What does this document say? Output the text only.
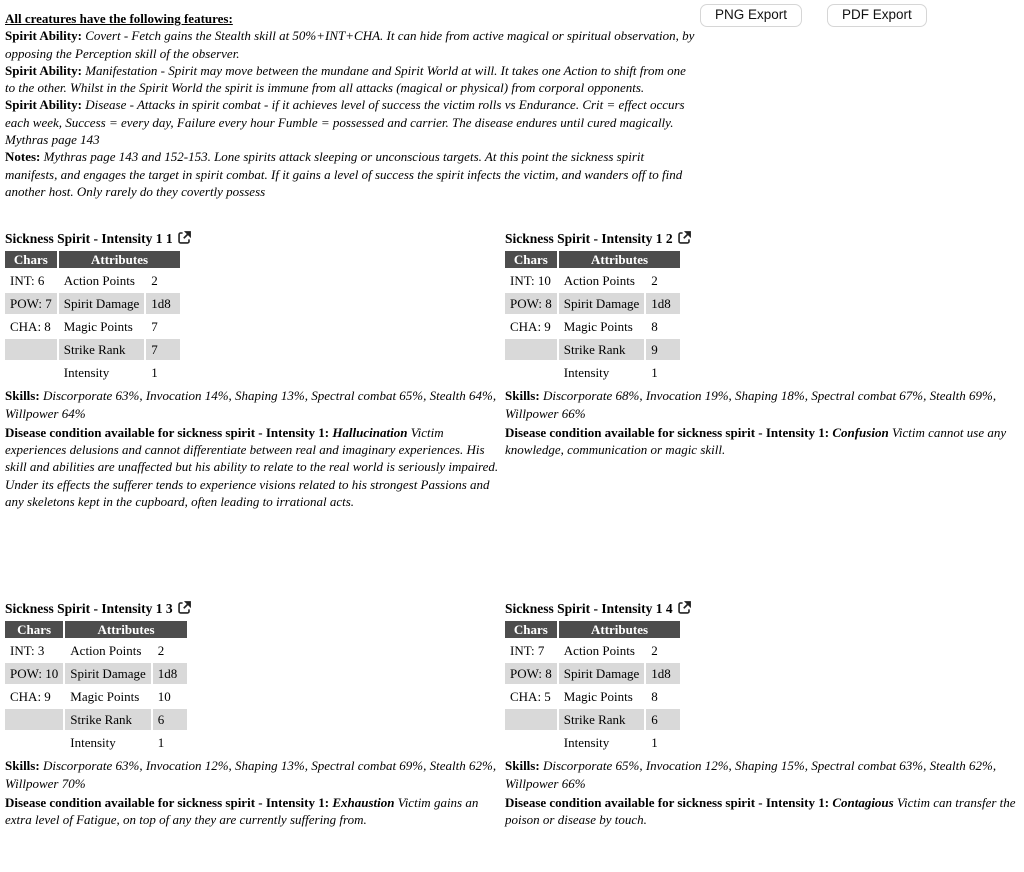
PNG Export	PDF Export

All creatures have the following features:

Spirit Ability: Covert - Fetch gains the Stealth skill at 50%+INT+CHA. It can hide from active magical or spiritual observation, by opposing the Perception skill of the observer.

Spirit Ability: Manifestation - Spirit may move between the mundane and Spirit World at will. It takes one Action to shift from one to the other. Whilst in the Spirit World the spirit is immune from all attacks (magical or physical) from corporal opponents.

Spirit Ability: Disease - Attacks in spirit combat - if it achieves level of success the victim rolls vs Endurance. Crit = effect occurs each week, Success = every day, Failure every hour Fumble = possessed and carrier. The disease endures until cured magically. Mythras page 143

Notes: Mythras page 143 and 152-153. Lone spirits attack sleeping or unconscious targets. At this point the sickness spirit manifests, and engages the target in spirit combat. If it gains a level of success the spirit infects the victim, and wanders off to find another host. Only rarely do they covertly possess

Sickness Spirit - Intensity 1 1
Chars	Attributes	
INT: 6	Action Points	2
POW: 7	Spirit Damage	1d8
CHA: 8	Magic Points	7
	Strike Rank	7
	Intensity	1

Skills: Discorporate 63%, Invocation 14%, Shaping 13%, Spectral combat 65%, Stealth 64%, Willpower 64%

Disease condition available for sickness spirit - Intensity 1: Hallucination Victim experiences delusions and cannot differentiate between real and imaginary experiences. His skill and abilities are unaffected but his ability to relate to the real world is seriously impaired. Under its effects the sufferer tends to experience visions related to his strongest Passions and any skeletons kept in the cupboard, often leading to irrational acts.

Sickness Spirit - Intensity 1 2
Chars	Attributes	
INT: 10	Action Points	2
POW: 8	Spirit Damage	1d8
CHA: 9	Magic Points	8
	Strike Rank	9
	Intensity	1

Skills: Discorporate 68%, Invocation 19%, Shaping 18%, Spectral combat 67%, Stealth 69%, Willpower 66%

Disease condition available for sickness spirit - Intensity 1: Confusion Victim cannot use any knowledge, communication or magic skill.

Sickness Spirit - Intensity 1 3
Chars	Attributes	
INT: 3	Action Points	2
POW: 10	Spirit Damage	1d8
CHA: 9	Magic Points	10
	Strike Rank	6
	Intensity	1

Skills: Discorporate 63%, Invocation 12%, Shaping 13%, Spectral combat 69%, Stealth 62%, Willpower 70%

Disease condition available for sickness spirit - Intensity 1: Exhaustion Victim gains an extra level of Fatigue, on top of any they are currently suffering from.

Sickness Spirit - Intensity 1 4
Chars	Attributes	
INT: 7	Action Points	2
POW: 8	Spirit Damage	1d8
CHA: 5	Magic Points	8
	Strike Rank	6
	Intensity	1

Skills: Discorporate 65%, Invocation 12%, Shaping 15%, Spectral combat 63%, Stealth 62%, Willpower 66%

Disease condition available for sickness spirit - Intensity 1: Contagious Victim can transfer the poison or disease by touch.
